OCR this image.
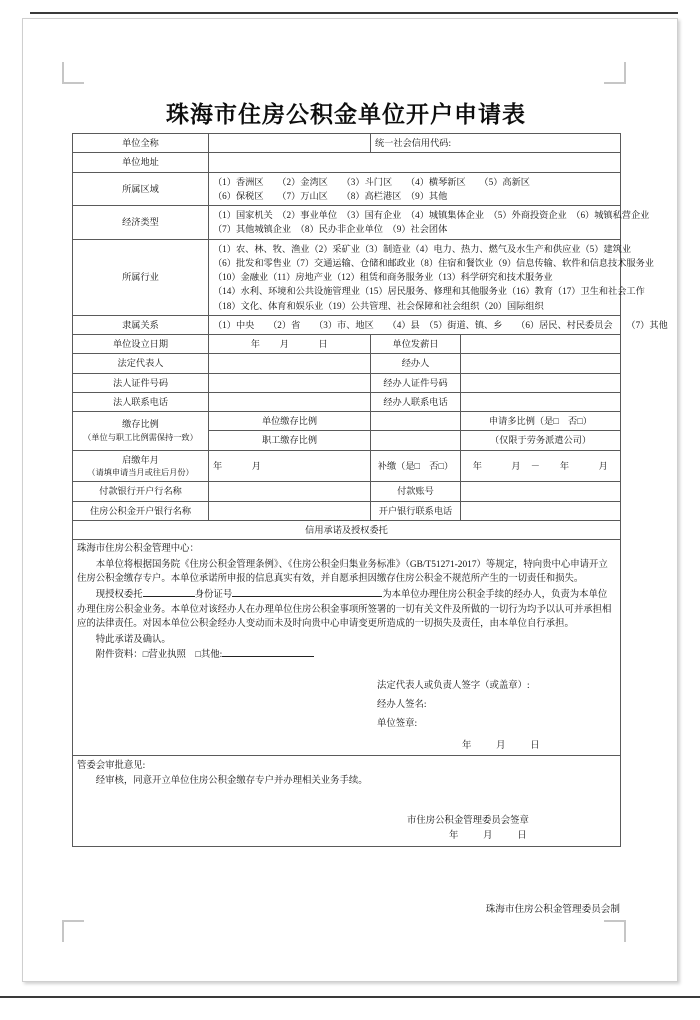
珠海市住房公积金单位开户申请表
单位全称		统一社会信用代码:	
单位地址			
所属区域	（1）香洲区　　（2）金湾区　　（3）斗门区　　（4）横琴新区　　（5）高新区
（6）保税区　　（7）万山区　　（8）高栏港区　（9）其他		

经济类型	（1）国家机关　（2）事业单位　（3）国有企业　（4）城镇集体企业　（5）外商投资企业　（6）城镇私营企业
（7）其他城镇企业　（8）民办非企业单位　（9）社会团体		

所属行业	（1）农、林、牧、渔业（2）采矿业（3）制造业（4）电力、热力、燃气及水生产和供应业（5）建筑业
（6）批发和零售业（7）交通运输、仓储和邮政业（8）住宿和餐饮业（9）信息传输、软件和信息技术服务业
（10）金融业（11）房地产业（12）租赁和商务服务业（13）科学研究和技术服务业
（14）水利、环境和公共设施管理业（15）居民服务、修理和其他服务业（16）教育（17）卫生和社会工作
（18）文化、体育和娱乐业（19）公共管理、社会保障和社会组织（20）国际组织		

隶属关系	（1）中央　　（2）省　　（3）市、地区　　（4）县　（5）街道、镇、乡　　（6）居民、村民委员会　　（7）其他		

单位设立日期	年　　月　　　日	单位发薪日	
法定代表人		经办人	
法人证件号码		经办人证件号码	
法人联系电话		经办人联系电话	
缴存比例
（单位与职工比例需保持一致）	单位缴存比例		申请多比例（是□　否□）
	职工缴存比例		（仅限于劳务派遣公司）
启缴年月
（请填申请当月或往后月份）	年　　　月	补缴（是□　否□）	年　　　月　－　　年　　　月
付款银行开户行名称		付款账号	
住房公积金开户银行名称		开户银行联系电话	
信用承诺及授权委托			

珠海市住房公积金管理中心：

本单位将根据国务院《住房公积金管理条例》、《住房公积金归集业务标准》（GB/T51271-2017）等规定，特向贵中心申请开立住房公积金缴存专户。本单位承诺所申报的信息真实有效，并自愿承担因缴存住房公积金不规范所产生的一切责任和损失。

现授权委托	身份证号	为本单位办理住房公积金手续的经办人，负责为本单位办理住房公积金业务。本单位对该经办人在办理单位住房公积金事项所签署的一切有关文件及所做的一切行为均予以认可并承担相应的法律责任。对因本单位公积金经办人变动而未及时向贵中心申请变更所造成的一切损失及责任，由本单位自行承担。

特此承诺及确认。

附件资料：□营业执照 □其他:

法定代表人或负责人签字（或盖章）:
经办人签名:
单位签章:
年　　月　　日

管委会审批意见:
经审核，同意开立单位住房公积金缴存专户并办理相关业务手续。
市住房公积金管理委员会签章
年　　月　　日			
珠海市住房公积金管理委员会制
